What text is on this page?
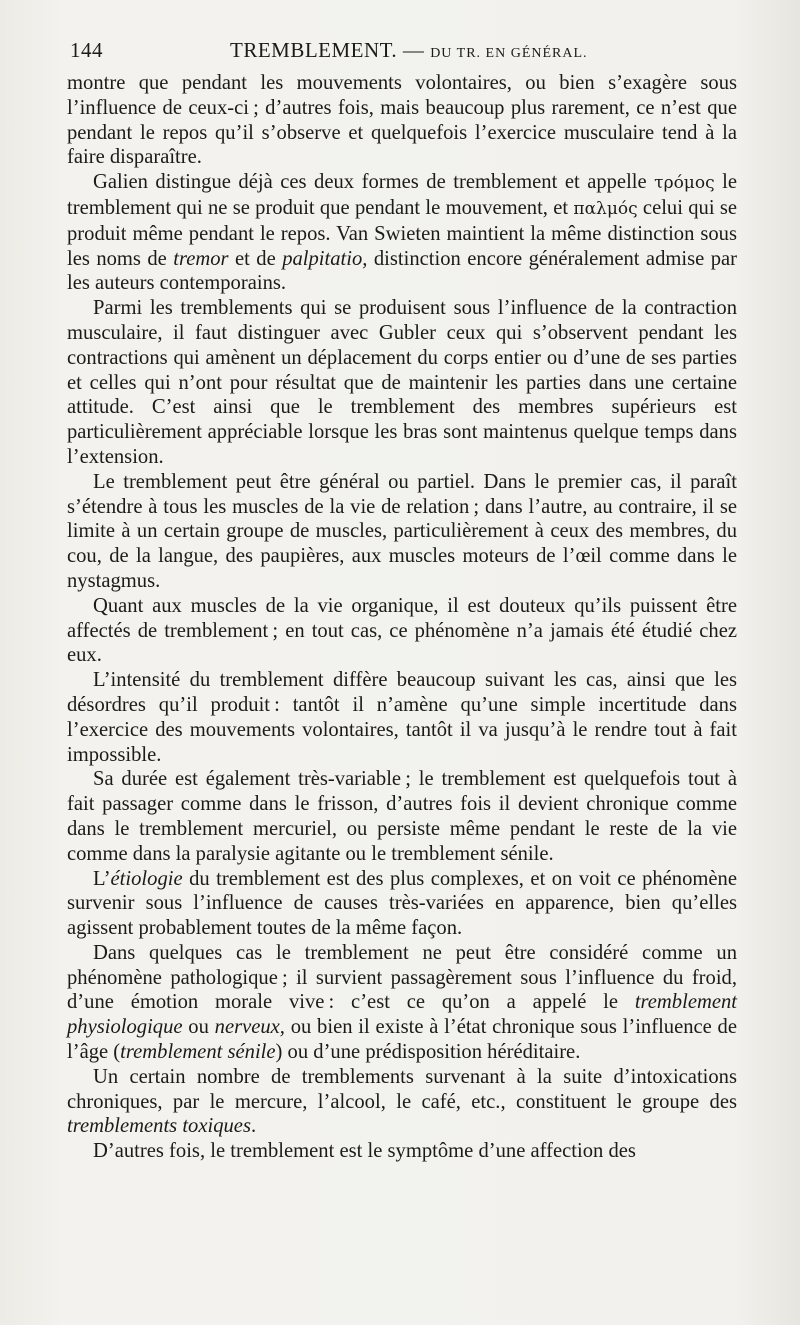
144	TREMBLEMENT. — DU TR. EN GÉNÉRAL.

montre que pendant les mouvements volontaires, ou bien s’exagère sous l’influence de ceux-ci ; d’autres fois, mais beaucoup plus rarement, ce n’est que pendant le repos qu’il s’observe et quelquefois l’exercice musculaire tend à la faire disparaître.

Galien distingue déjà ces deux formes de tremblement et appelle τρόμος le tremblement qui ne se produit que pendant le mouvement, et παλμός celui qui se produit même pendant le repos. Van Swieten maintient la même distinction sous les noms de tremor et de palpitatio, distinction encore généralement admise par les auteurs contemporains.

Parmi les tremblements qui se produisent sous l’influence de la contraction musculaire, il faut distinguer avec Gubler ceux qui s’observent pendant les contractions qui amènent un déplacement du corps entier ou d’une de ses parties et celles qui n’ont pour résultat que de maintenir les parties dans une certaine attitude. C’est ainsi que le tremblement des membres supérieurs est particulièrement appréciable lorsque les bras sont maintenus quelque temps dans l’extension.

Le tremblement peut être général ou partiel. Dans le premier cas, il paraît s’étendre à tous les muscles de la vie de relation ; dans l’autre, au contraire, il se limite à un certain groupe de muscles, particulièrement à ceux des membres, du cou, de la langue, des paupières, aux muscles moteurs de l’œil comme dans le nystagmus.

Quant aux muscles de la vie organique, il est douteux qu’ils puissent être affectés de tremblement ; en tout cas, ce phénomène n’a jamais été étudié chez eux.

L’intensité du tremblement diffère beaucoup suivant les cas, ainsi que les désordres qu’il produit : tantôt il n’amène qu’une simple incertitude dans l’exercice des mouvements volontaires, tantôt il va jusqu’à le rendre tout à fait impossible.

Sa durée est également très-variable ; le tremblement est quelquefois tout à fait passager comme dans le frisson, d’autres fois il devient chronique comme dans le tremblement mercuriel, ou persiste même pendant le reste de la vie comme dans la paralysie agitante ou le tremblement sénile.

L’étiologie du tremblement est des plus complexes, et on voit ce phénomène survenir sous l’influence de causes très-variées en apparence, bien qu’elles agissent probablement toutes de la même façon.

Dans quelques cas le tremblement ne peut être considéré comme un phénomène pathologique ; il survient passagèrement sous l’influence du froid, d’une émotion morale vive : c’est ce qu’on a appelé le tremblement physiologique ou nerveux, ou bien il existe à l’état chronique sous l’influence de l’âge (tremblement sénile) ou d’une prédisposition héréditaire.

Un certain nombre de tremblements survenant à la suite d’intoxications chroniques, par le mercure, l’alcool, le café, etc., constituent le groupe des tremblements toxiques.

D’autres fois, le tremblement est le symptôme d’une affection des
